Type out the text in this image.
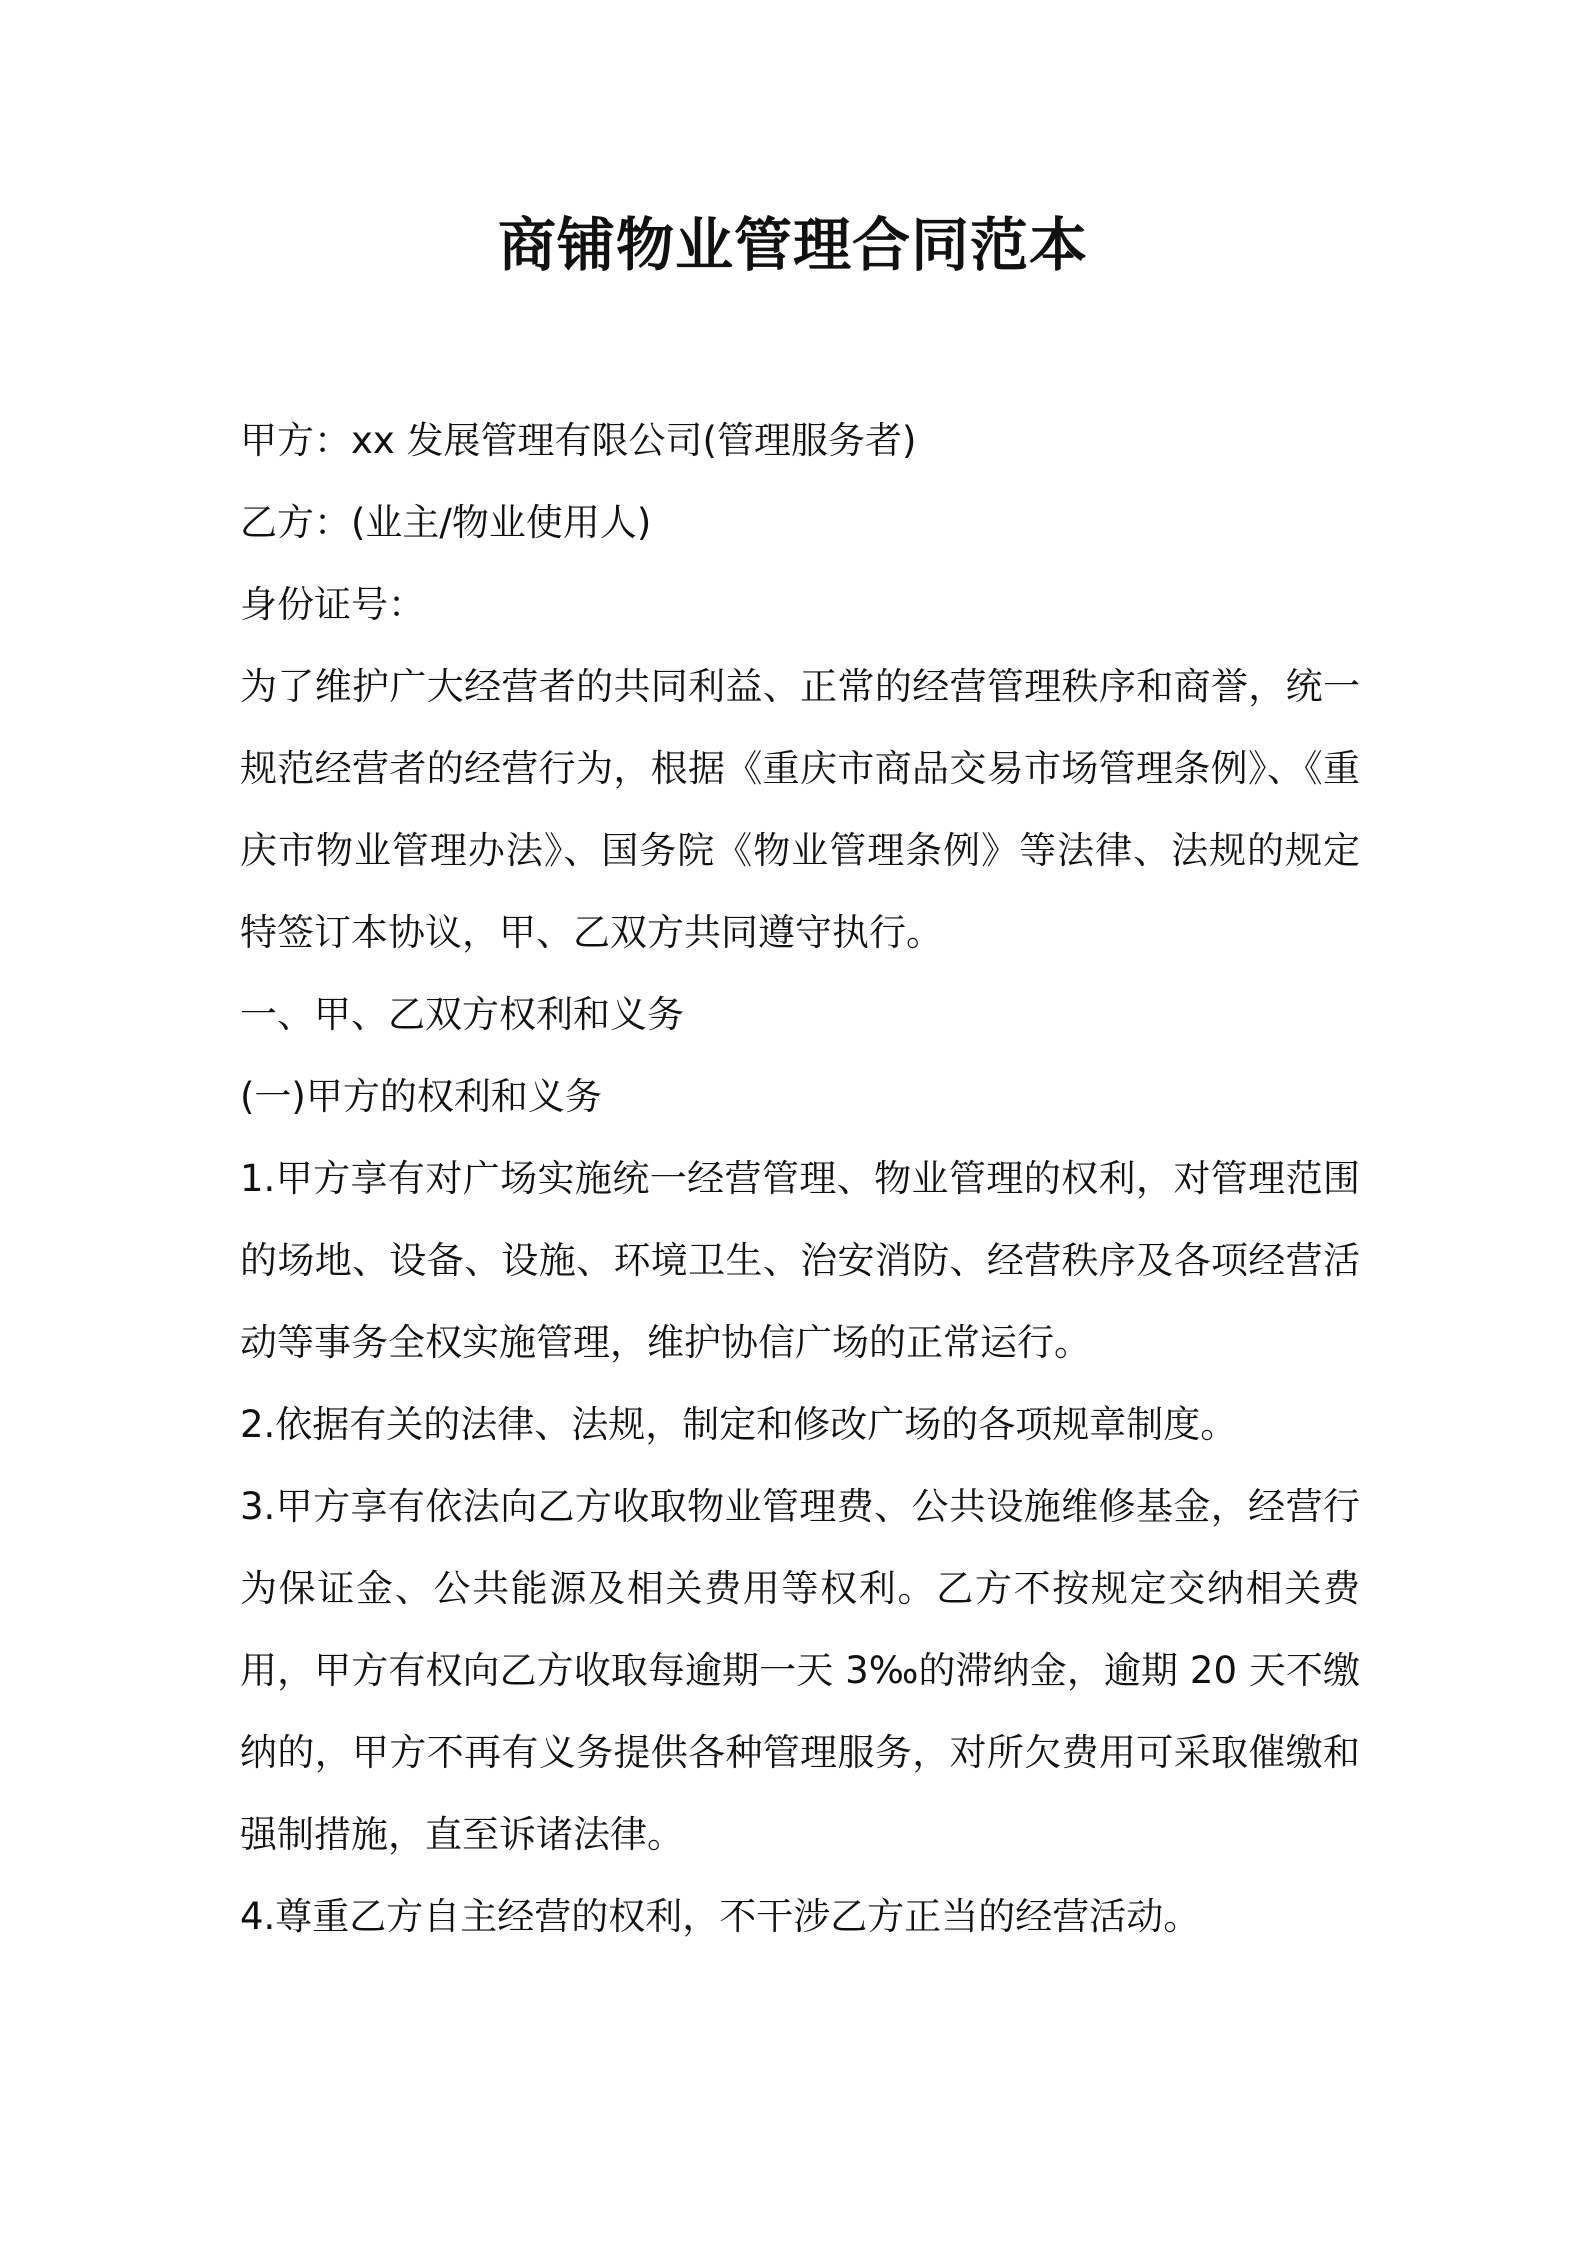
商铺物业管理合同范本

甲方：xx 发展管理有限公司(管理服务者)

乙方：(业主/物业使用人)

身份证号：

为了维护广大经营者的共同利益、正常的经营管理秩序和商誉，统一规范经营者的经营行为，根据《重庆市商品交易市场管理条例》、《重庆市物业管理办法》、国务院《物业管理条例》等法律、法规的规定特签订本协议，甲、乙双方共同遵守执行。

一、甲、乙双方权利和义务

(一)甲方的权利和义务

1.甲方享有对广场实施统一经营管理、物业管理的权利，对管理范围的场地、设备、设施、环境卫生、治安消防、经营秩序及各项经营活动等事务全权实施管理，维护协信广场的正常运行。

2.依据有关的法律、法规，制定和修改广场的各项规章制度。

3.甲方享有依法向乙方收取物业管理费、公共设施维修基金，经营行为保证金、公共能源及相关费用等权利。乙方不按规定交纳相关费用，甲方有权向乙方收取每逾期一天 3‰的滞纳金，逾期 20 天不缴纳的，甲方不再有义务提供各种管理服务，对所欠费用可采取催缴和强制措施，直至诉诸法律。

4.尊重乙方自主经营的权利，不干涉乙方正当的经营活动。
